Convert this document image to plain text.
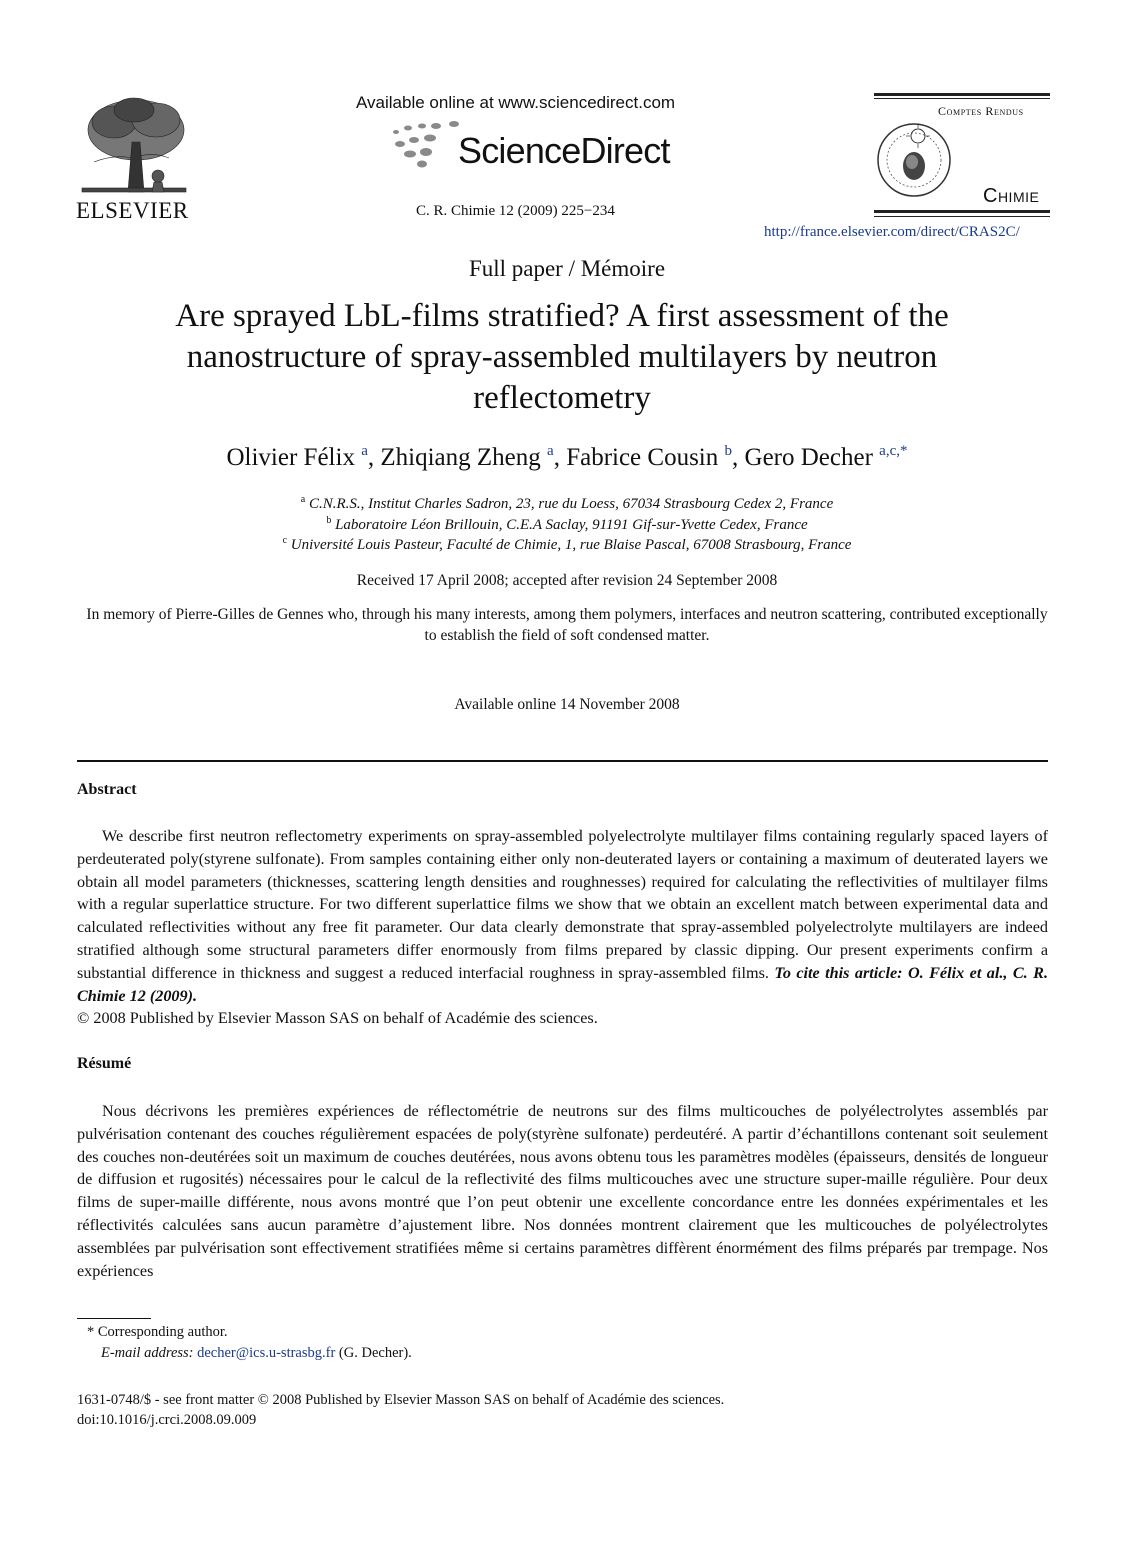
ELSEVIER
Available online at www.sciencedirect.com
ScienceDirect
C. R. Chimie 12 (2009) 225−234
Comptes Rendus
Chimie
http://france.elsevier.com/direct/CRAS2C/
Full paper / Mémoire
Are sprayed LbL-films stratified? A first assessment of the nanostructure of spray-assembled multilayers by neutron reflectometry
Olivier Félix $^a$, Zhiqiang Zheng $^a$, Fabrice Cousin $^b$, Gero Decher $^{a,c,*}$
$^a$ C.N.R.S., Institut Charles Sadron, 23, rue du Loess, 67034 Strasbourg Cedex 2, France
$^b$ Laboratoire Léon Brillouin, C.E.A Saclay, 91191 Gif-sur-Yvette Cedex, France
$^c$ Université Louis Pasteur, Faculté de Chimie, 1, rue Blaise Pascal, 67008 Strasbourg, France
Received 17 April 2008; accepted after revision 24 September 2008
In memory of Pierre-Gilles de Gennes who, through his many interests, among them polymers, interfaces and neutron scattering, contributed exceptionally to establish the field of soft condensed matter.
Available online 14 November 2008
Abstract

We describe first neutron reflectometry experiments on spray-assembled polyelectrolyte multilayer films containing regularly spaced layers of perdeuterated poly(styrene sulfonate). From samples containing either only non-deuterated layers or containing a maximum of deuterated layers we obtain all model parameters (thicknesses, scattering length densities and roughnesses) required for calculating the reflectivities of multilayer films with a regular superlattice structure. For two different superlattice films we show that we obtain an excellent match between experimental data and calculated reflectivities without any free fit parameter. Our data clearly demonstrate that spray-assembled polyelectrolyte multilayers are indeed stratified although some structural parameters differ enormously from films prepared by classic dipping. Our present experiments confirm a substantial difference in thickness and suggest a reduced interfacial roughness in spray-assembled films. To cite this article: O. Félix et al., C. R. Chimie 12 (2009).
© 2008 Published by Elsevier Masson SAS on behalf of Académie des sciences.

Résumé

Nous décrivons les premières expériences de réflectométrie de neutrons sur des films multicouches de polyélectrolytes assemblés par pulvérisation contenant des couches régulièrement espacées de poly(styrène sulfonate) perdeutéré. A partir d’échantillons contenant soit seulement des couches non-deutérées soit un maximum de couches deutérées, nous avons obtenu tous les paramètres modèles (épaisseurs, densités de longueur de diffusion et rugosités) nécessaires pour le calcul de la reflectivité des films multicouches avec une structure super-maille régulière. Pour deux films de super-maille différente, nous avons montré que l’on peut obtenir une excellente concordance entre les données expérimentales et les réflectivités calculées sans aucun paramètre d’ajustement libre. Nos données montrent clairement que les multicouches de polyélectrolytes assemblées par pulvérisation sont effectivement stratifiées même si certains paramètres diffèrent énormément des films préparés par trempage. Nos expériences

* Corresponding author.
E-mail address: decher@ics.u-strasbg.fr (G. Decher).
1631-0748/$ - see front matter © 2008 Published by Elsevier Masson SAS on behalf of Académie des sciences.
doi:10.1016/j.crci.2008.09.009
